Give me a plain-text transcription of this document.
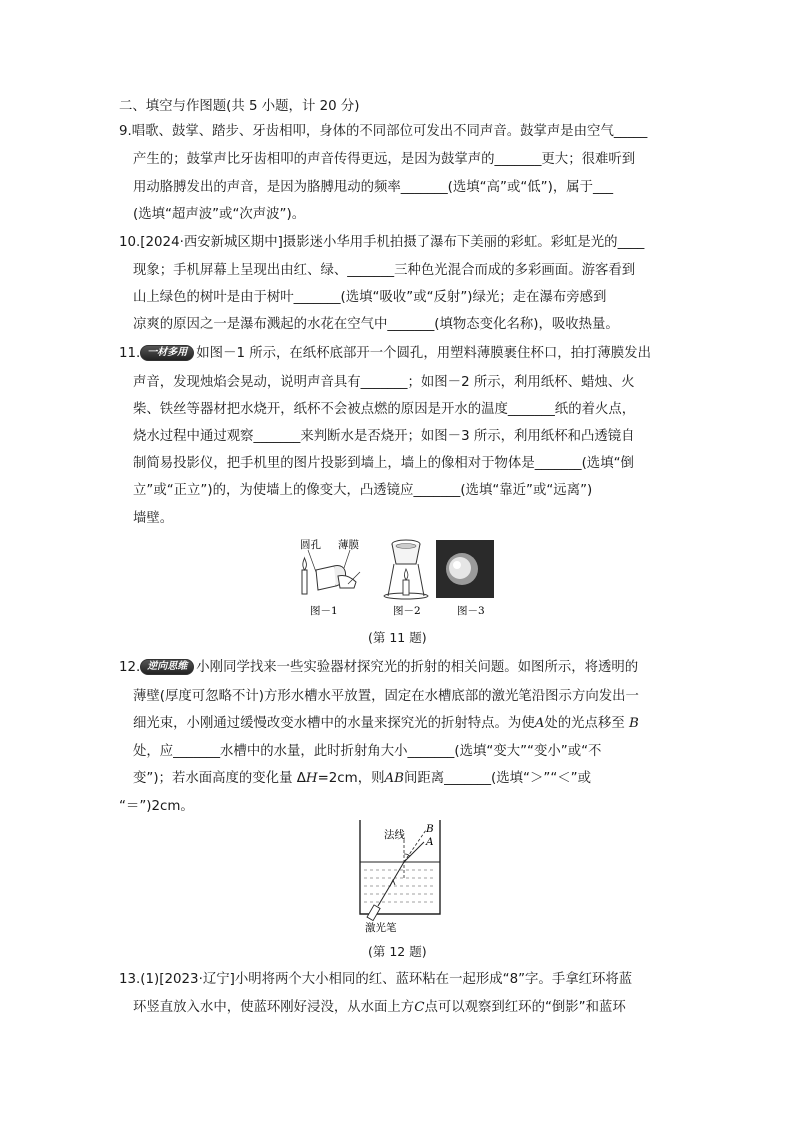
二、填空与作图题(共 5 小题，计 20 分)
9.唱歌、鼓掌、踏步、牙齿相叩，身体的不同部位可发出不同声音。鼓掌声是由空气_____
产生的；鼓掌声比牙齿相叩的声音传得更远，是因为鼓掌声的_______更大；很难听到
用动胳膊发出的声音，是因为胳膊甩动的频率_______(选填“高”或“低”)，属于___
(选填“超声波”或“次声波”)。
10.[2024·西安新城区期中]摄影迷小华用手机拍摄了瀑布下美丽的彩虹。彩虹是光的____
现象；手机屏幕上呈现出由红、绿、_______三种色光混合而成的多彩画面。游客看到
山上绿色的树叶是由于树叶_______(选填“吸收”或“反射”)绿光；走在瀑布旁感到
凉爽的原因之一是瀑布溅起的水花在空气中_______(填物态变化名称)，吸收热量。
11. 一材多用 如图－1 所示，在纸杯底部开一个圆孔，用塑料薄膜裹住杯口，拍打薄膜发出
声音，发现烛焰会晃动，说明声音具有_______；如图－2 所示，利用纸杯、蜡烛、火
柴、铁丝等器材把水烧开，纸杯不会被点燃的原因是开水的温度_______纸的着火点，
烧水过程中通过观察_______来判断水是否烧开；如图－3 所示，利用纸杯和凸透镜自
制简易投影仪，把手机里的图片投影到墙上，墙上的像相对于物体是_______(选填“倒
立”或“正立”)的，为使墙上的像变大，凸透镜应_______(选填“靠近”或“远离”)
墙壁。
圆孔 薄膜
图－1	图－2	图－3
(第 11 题)
12. 逆向思维 小刚同学找来一些实验器材探究光的折射的相关问题。如图所示，将透明的
薄壁(厚度可忽略不计)方形水槽水平放置，固定在水槽底部的激光笔沿图示方向发出一
细光束，小刚通过缓慢改变水槽中的水量来探究光的折射特点。为使A处的光点移至 B
处，应_______水槽中的水量，此时折射角大小_______(选填“变大”“变小”或“不
变”)；若水面高度的变化量 ΔH=2cm，则AB间距离_______(选填“＞”“＜”或
“＝”)2cm。
法线 B
A
激光笔
(第 12 题)
13.(1)[2023·辽宁]小明将两个大小相同的红、蓝环粘在一起形成“8”字。手拿红环将蓝
环竖直放入水中，使蓝环刚好浸没，从水面上方C点可以观察到红环的“倒影”和蓝环
